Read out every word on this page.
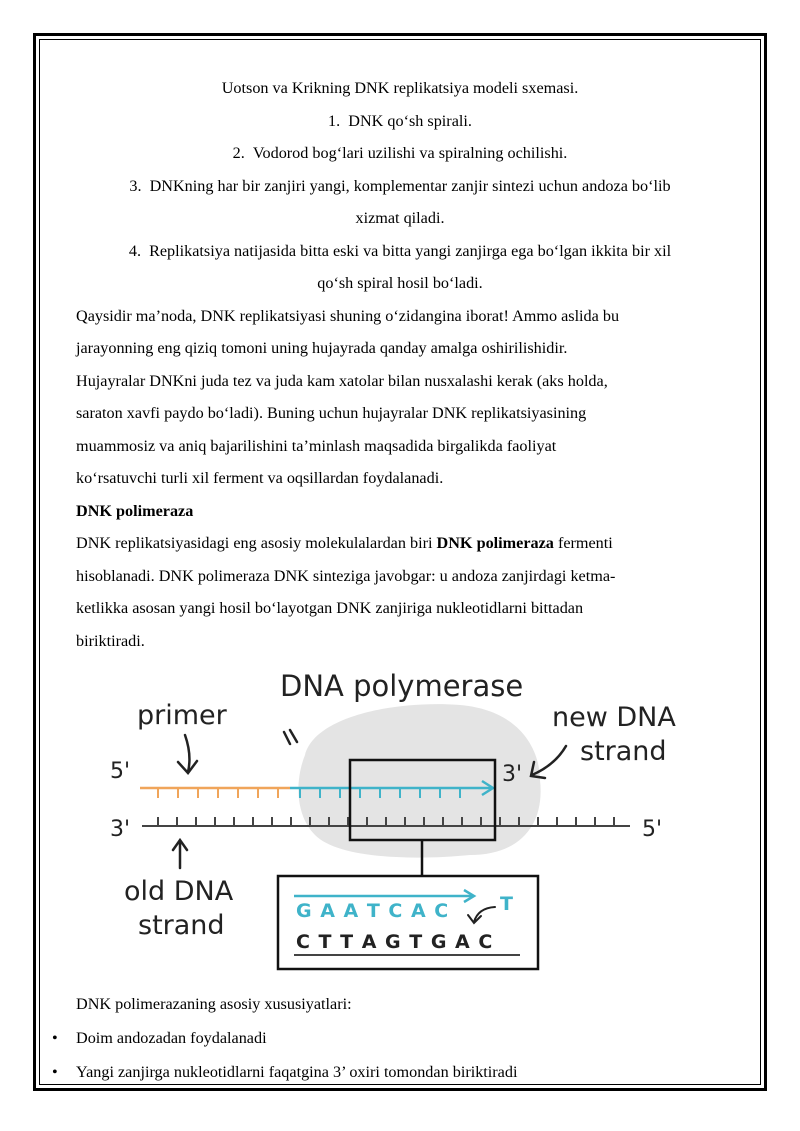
Uotson va Krikning DNK replikatsiya modeli sxemasi.
1. DNK qo‘sh spirali.
2. Vodorod bog‘lari uzilishi va spiralning ochilishi.
3. DNKning har bir zanjiri yangi, komplementar zanjir sintezi uchun andoza bo‘lib
xizmat qiladi.
4. Replikatsiya natijasida bitta eski va bitta yangi zanjirga ega bo‘lgan ikkita bir xil
qo‘sh spiral hosil bo‘ladi.
Qaysidir ma’noda, DNK replikatsiyasi shuning o‘zidangina iborat! Ammo aslida bu
jarayonning eng qiziq tomoni uning hujayrada qanday amalga oshirilishidir.
Hujayralar DNKni juda tez va juda kam xatolar bilan nusxalashi kerak (aks holda,
saraton xavfi paydo bo‘ladi). Buning uchun hujayralar DNK replikatsiyasining
muammosiz va aniq bajarilishini ta’minlash maqsadida birgalikda faoliyat
ko‘rsatuvchi turli xil ferment va oqsillardan foydalanadi.
DNK polimeraza
DNK replikatsiyasidagi eng asosiy molekulalardan biri DNK polimeraza fermenti
hisoblanadi. DNK polimeraza DNK sinteziga javobgar: u andoza zanjirdagi ketma-
ketlikka asosan yangi hosil bo‘layotgan DNK zanjiriga nukleotidlarni bittadan
biriktiradi.
DNA polymerase
primer	new DNA
strand
5'	3'
3'	5'
old DNA
strand	G A A T C A C	T
C T T A G T G A C
DNK polimerazaning asosiy xususiyatlari:
• Doim andozadan foydalanadi
• Yangi zanjirga nukleotidlarni faqatgina 3’ oxiri tomondan biriktiradi
